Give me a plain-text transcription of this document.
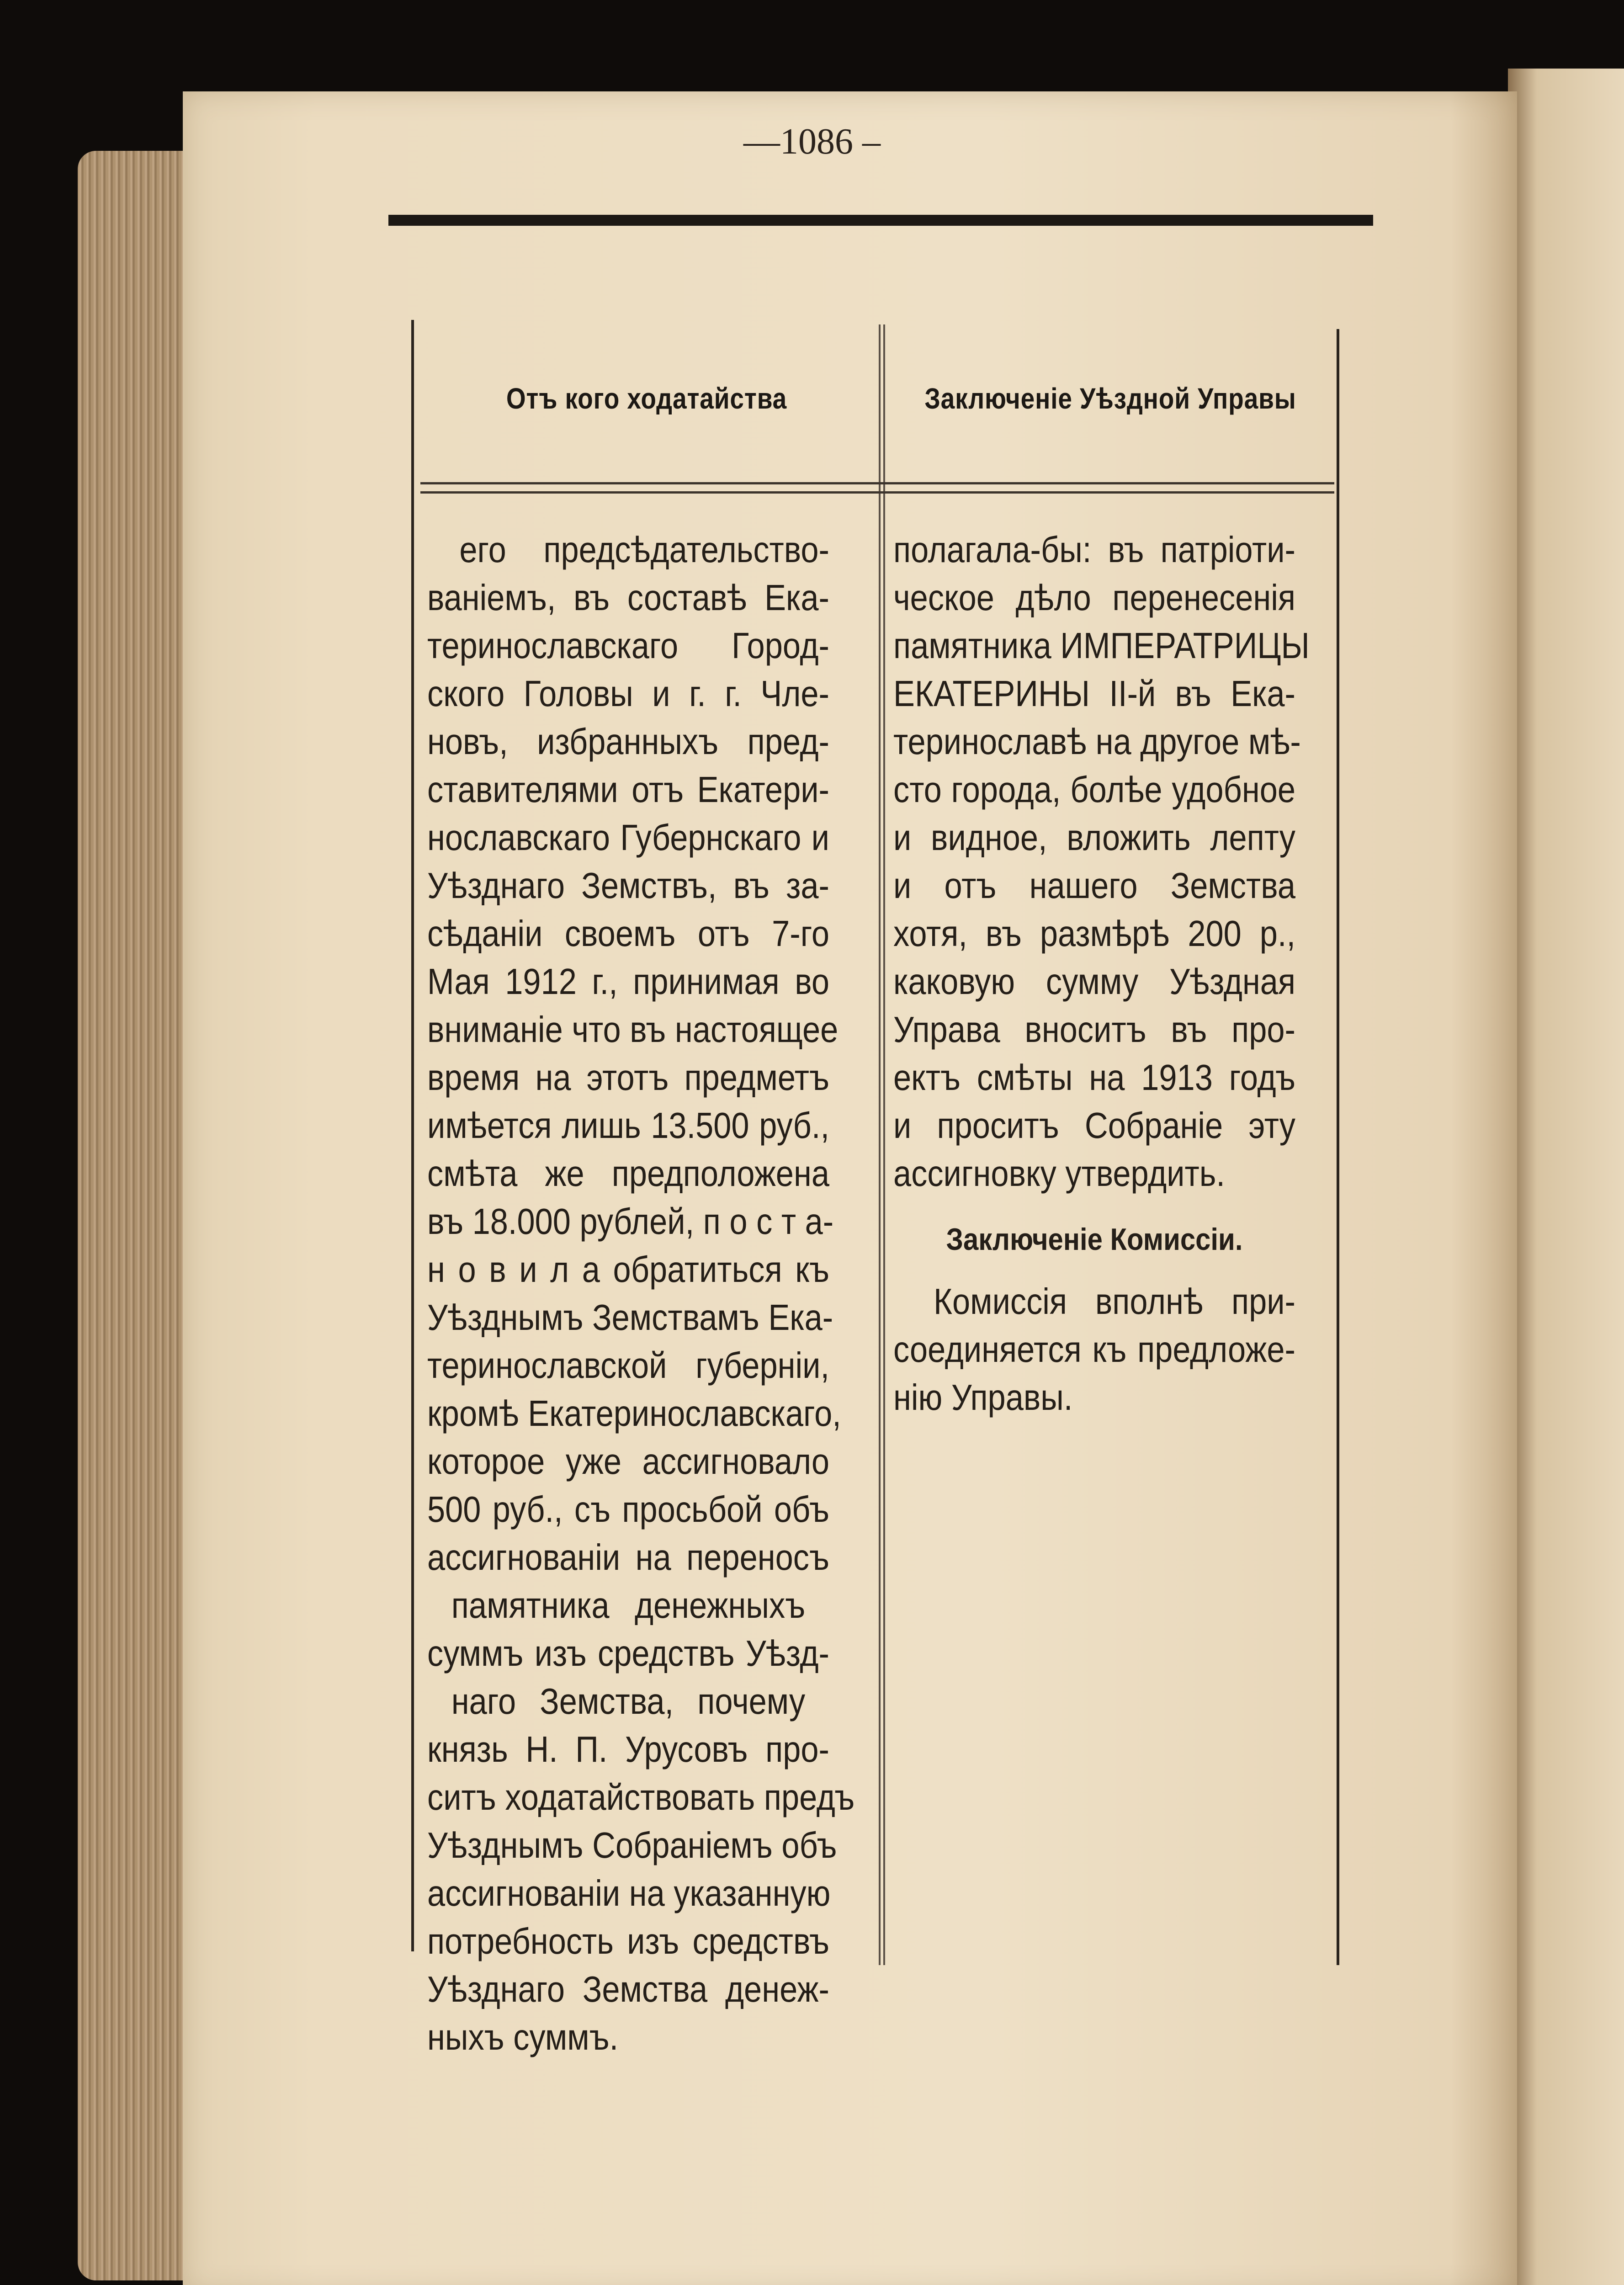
—1086 –
Отъ кого ходатайства	Заключеніе Уѣздной Управы
его предсѣдательство-
ваніемъ, въ составѣ Ека-
теринославскаго Город-
ского Головы и г. г. Чле-
новъ, избранныхъ пред-
ставителями отъ Екатери-
нославскаго Губернскаго и
Уѣзднаго Земствъ, въ за-
сѣданіи своемъ отъ 7-го
Мая 1912 г., принимая во
вниманіе что въ настоящее
время на этотъ предметъ
имѣется лишь 13.500 руб.,
смѣта же предположена
въ 18.000 рублей, п о с т а-
н о в и л а обратиться къ
Уѣзднымъ Земствамъ Ека-
теринославской губерніи,
кромѣ Екатеринославскаго,
которое уже ассигновало
500 руб., съ просьбой объ
ассигнованіи на переносъ
памятника денежныхъ
суммъ изъ средствъ Уѣзд-
наго Земства, почему
князь Н. П. Урусовъ про-
ситъ ходатайствовать предъ
Уѣзднымъ Собраніемъ объ
ассигнованіи на указанную
потребность изъ средствъ
Уѣзднаго Земства денеж-
ныхъ суммъ.
полагала-бы: въ патріоти-
ческое дѣло перенесенія
памятника ИМПЕРАТРИЦЫ
ЕКАТЕРИНЫ ІІ-й въ Ека-
теринославѣ на другое мѣ-
сто города, болѣе удобное
и видное, вложить лепту
и отъ нашего Земства
хотя, въ размѣрѣ 200 р.,
каковую сумму Уѣздная
Управа вноситъ въ про-
ектъ смѣты на 1913 годъ
и проситъ Собраніе эту
ассигновку утвердить.
Заключеніе Комиссіи.
Комиссія вполнѣ при-
соединяется къ предложе-
нію Управы.
